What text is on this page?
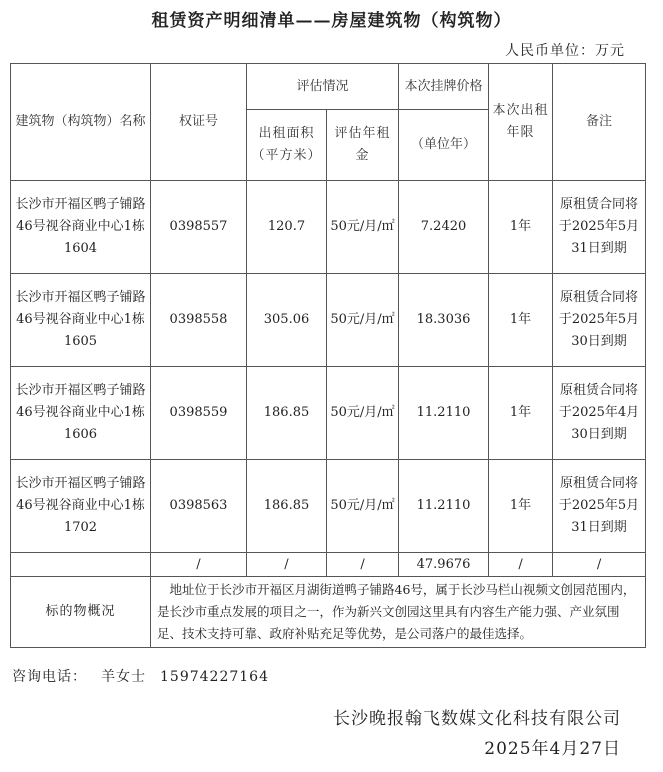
租赁资产明细清单——房屋建筑物（构筑物）
人民币单位：万元
建筑物（构筑物）名称	权证号	评估情况		本次挂牌价格	本次出租年限	备注
		出租面积（平方米）	评估年租金	（单位年）		
长沙市开福区鸭子铺路46号视谷商业中心1栋1604	0398557	120.7	50元/月/㎡	7.2420	1年	原租赁合同将于2025年5月31日到期
长沙市开福区鸭子铺路46号视谷商业中心1栋1605	0398558	305.06	50元/月/㎡	18.3036	1年	原租赁合同将于2025年5月30日到期
长沙市开福区鸭子铺路46号视谷商业中心1栋1606	0398559	186.85	50元/月/㎡	11.2110	1年	原租赁合同将于2025年4月30日到期
长沙市开福区鸭子铺路46号视谷商业中心1栋1702	0398563	186.85	50元/月/㎡	11.2110	1年	原租赁合同将于2025年5月31日到期
	/	/	/	47.9676	/	/
标的物概况	地址位于长沙市开福区月湖街道鸭子铺路46号，属于长沙马栏山视频文创园范围内，是长沙市重点发展的项目之一，作为新兴文创园这里具有内容生产能力强、产业氛围足、技术支持可靠、政府补贴充足等优势，是公司落户的最佳选择。					
咨询电话： 羊女士 15974227164
长沙晚报翰飞数媒文化科技有限公司
2025年4月27日
